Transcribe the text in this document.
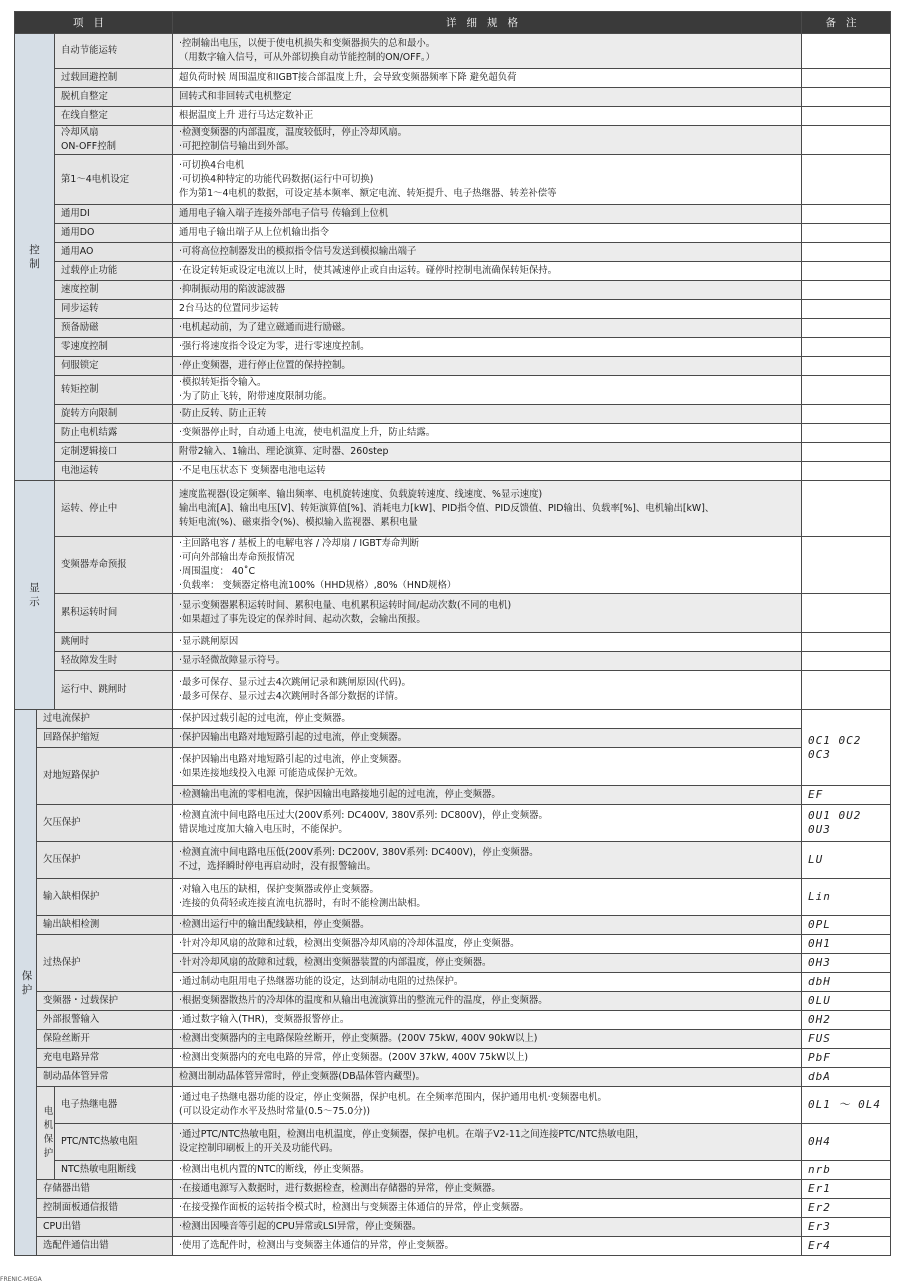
项目			详细规格	备注
控制		自动节能运转	·控制输出电压，以便于使电机损失和变频器损失的总和最小。
（用数字输入信号，可从外部切换自动节能控制的ON/OFF。）	

		过载回避控制	超负荷时候 周围温度和IGBT接合部温度上升，会导致变频器频率下降 避免超负荷	

		脱机自整定	回转式和非回转式电机整定	

		在线自整定	根据温度上升 进行马达定数补正	

		冷却风扇
ON-OFF控制	·检测变频器的内部温度，温度较低时，停止冷却风扇。
·可把控制信号输出到外部。	

		第1～4电机设定	·可切换4台电机
·可切换4种特定的功能代码数据(运行中可切换)
作为第1～4电机的数据，可设定基本频率、额定电流、转矩提升、电子热继器、转差补偿等	

		通用DI	通用电子输入端子连接外部电子信号 传输到上位机	

		通用DO	通用电子输出端子从上位机输出指令	

		通用AO	·可将高位控制器发出的模拟指令信号发送到模拟输出端子	

		过载停止功能	·在设定转矩或设定电流以上时，使其减速停止或自由运转。碰停时控制电流确保转矩保持。	

		速度控制	·抑制振动用的陷波滤波器	

		同步运转	2台马达的位置同步运转	

		预备励磁	·电机起动前，为了建立磁通而进行励磁。	

		零速度控制	·强行将速度指令设定为零，进行零速度控制。	

		伺服锁定	·停止变频器，进行停止位置的保持控制。	

		转矩控制	·模拟转矩指令输入。
·为了防止飞转，附带速度限制功能。	

		旋转方向限制	·防止反转、防止正转	

		防止电机结露	·变频器停止时，自动通上电流，使电机温度上升，防止结露。	

		定制逻辑接口	附带2输入、1输出、理论演算、定时器、260step	

		电池运转	·不足电压状态下 变频器电池电运转	

显示		运转、停止中	速度监视器(设定频率、输出频率、电机旋转速度、负载旋转速度、线速度、%显示速度)
输出电流[A]、输出电压[V]、转矩演算值[%]、消耗电力[kW]、PID指令值、PID反馈值、PID输出、负载率[%]、电机输出[kW]、
转矩电流(%)、磁束指令(%)、模拟输入监视器、累积电量	

		变频器寿命预报	·主回路电容 / 基板上的电解电容 / 冷却扇 / IGBT寿命判断
·可向外部输出寿命预报情况
·周围温度： 40˚C
·负载率： 变频器定格电流100%（HHD规格）,80%（HND规格）	

		累积运转时间	·显示变频器累积运转时间、累积电量、电机累积运转时间/起动次数(不同的电机)
·如果超过了事先设定的保养时间、起动次数，会输出预报。	

		跳闸时	·显示跳闸原因	

		轻故障发生时	·显示轻微故障显示符号。	

		运行中、跳闸时	·最多可保存、显示过去4次跳闸记录和跳闸原因(代码)。
·最多可保存、显示过去4次跳闸时各部分数据的详情。	

保护	过电流保护		·保护因过载引起的过电流，停止变频器。	0C1 0C2 0C3
	回路保护缩短		·保护因输出电路对地短路引起的过电流，停止变频器。	

	对地短路保护		·保护因输出电路对地短路引起的过电流，停止变频器。
·如果连接地线投入电源 可能造成保护无效。	

			·检测输出电流的零相电流，保护因输出电路接地引起的过电流，停止变频器。	EF
	欠压保护		·检测直流中间电路电压过大(200V系列: DC400V, 380V系列: DC800V)，停止变频器。
错误地过度加大输入电压时，不能保护。	0U1 0U2 0U3
	欠压保护		·检测直流中间电路电压低(200V系列: DC200V, 380V系列: DC400V)，停止变频器。
不过，选择瞬时停电再启动时，没有报警输出。	LU
	输入缺相保护		·对输入电压的缺相，保护变频器或停止变频器。
·连接的负荷轻或连接直流电抗器时，有时不能检测出缺相。	Lin
	输出缺相检测		·检测出运行中的输出配线缺相，停止变频器。	0PL
	过热保护		·针对冷却风扇的故障和过载，检测出变频器冷却风扇的冷却体温度，停止变频器。	0H1

			·针对冷却风扇的故障和过载，检测出变频器装置的内部温度，停止变频器。	0H3

			·通过制动电阻用电子热继器功能的设定，达到制动电阻的过热保护。	dbH
	变频器・过载保护		·根据变频器散热片的冷却体的温度和从输出电流演算出的整流元件的温度，停止变频器。	0LU
	外部报警输入		·通过数字输入(THR)，变频器报警停止。	0H2
	保险丝断开		·检测出变频器内的主电路保险丝断开，停止变频器。(200V 75kW, 400V 90kW以上)	FUS
	充电电路异常		·检测出变频器内的充电电路的异常，停止变频器。(200V 37kW, 400V 75kW以上)	PbF
	制动晶体管异常		检测出制动晶体管异常时，停止变频器(DB晶体管内藏型)。	dbA
	电机保护	电子热继电器	·通过电子热继电器功能的设定，停止变频器，保护电机。在全频率范围内，保护通用电机·变频器电机。
(可以设定动作水平及热时常量(0.5～75.0分))	0L1 ～ 0L4
		PTC/NTC热敏电阻	·通过PTC/NTC热敏电阻，检测出电机温度，停止变频器，保护电机。在端子V2-11之间连接PTC/NTC热敏电阻，
设定控制印刷板上的开关及功能代码。	0H4
		NTC热敏电阻断线	·检测出电机内置的NTC的断线，停止变频器。	nrb
	存储器出错		·在接通电源写入数据时，进行数据检查，检测出存储器的异常，停止变频器。	Er1
	控制面板通信报错		·在接受操作面板的运转指令模式时，检测出与变频器主体通信的异常，停止变频器。	Er2
	CPU出错		·检测出因噪音等引起的CPU异常或LSI异常，停止变频器。	Er3
	选配件通信出错		·使用了选配件时，检测出与变频器主体通信的异常，停止变频器。	Er4
FRENIC-MEGA
